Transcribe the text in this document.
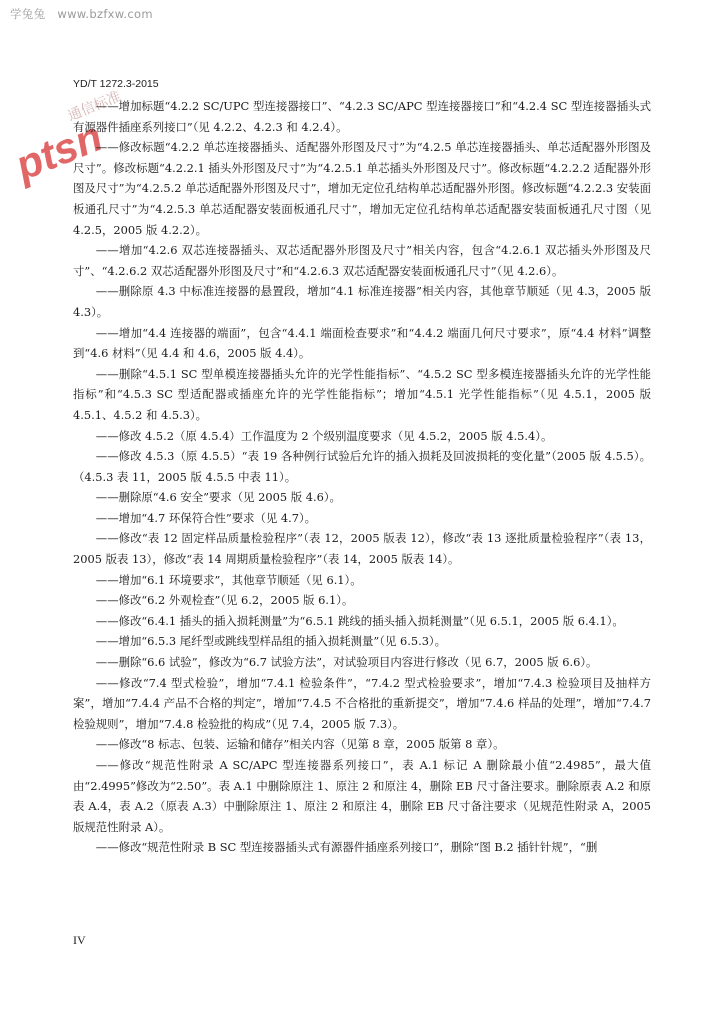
学兔兔 www.bzfxw.com
YD/T 1272.3-2015
ptsn
通信标准

——增加标题“4.2.2 SC/UPC 型连接器接口”、“4.2.3 SC/APC 型连接器接口”和“4.2.4 SC 型连接器插头式有源器件插座系列接口”（见 4.2.2、4.2.3 和 4.2.4）。

——修改标题“4.2.2 单芯连接器插头、适配器外形图及尺寸”为“4.2.5 单芯连接器插头、单芯适配器外形图及尺寸”。修改标题“4.2.2.1 插头外形图及尺寸”为“4.2.5.1 单芯插头外形图及尺寸”。修改标题“4.2.2.2 适配器外形图及尺寸”为“4.2.5.2 单芯适配器外形图及尺寸”，增加无定位孔结构单芯适配器外形图。修改标题“4.2.2.3 安装面板通孔尺寸”为“4.2.5.3 单芯适配器安装面板通孔尺寸”，增加无定位孔结构单芯适配器安装面板通孔尺寸图（见 4.2.5，2005 版 4.2.2）。

——增加“4.2.6 双芯连接器插头、双芯适配器外形图及尺寸”相关内容，包含“4.2.6.1 双芯插头外形图及尺寸”、“4.2.6.2 双芯适配器外形图及尺寸”和“4.2.6.3 双芯适配器安装面板通孔尺寸”（见 4.2.6）。

——删除原 4.3 中标准连接器的悬置段，增加“4.1 标准连接器”相关内容，其他章节顺延（见 4.3，2005 版 4.3）。

——增加“4.4 连接器的端面”，包含“4.4.1 端面检查要求”和“4.4.2 端面几何尺寸要求”，原“4.4 材料”调整到“4.6 材料”（见 4.4 和 4.6，2005 版 4.4）。

——删除“4.5.1 SC 型单模连接器插头允许的光学性能指标”、“4.5.2 SC 型多模连接器插头允许的光学性能指标”和“4.5.3 SC 型适配器或插座允许的光学性能指标”；增加“4.5.1 光学性能指标”（见 4.5.1，2005 版 4.5.1、4.5.2 和 4.5.3）。

——修改 4.5.2（原 4.5.4）工作温度为 2 个级别温度要求（见 4.5.2，2005 版 4.5.4）。

——修改 4.5.3（原 4.5.5）“表 19 各种例行试验后允许的插入损耗及回波损耗的变化量”（2005 版 4.5.5）。（4.5.3 表 11，2005 版 4.5.5 中表 11）。

——删除原“4.6 安全”要求（见 2005 版 4.6）。

——增加“4.7 环保符合性”要求（见 4.7）。

——修改“表 12 固定样品质量检验程序”（表 12，2005 版表 12），修改“表 13 逐批质量检验程序”（表 13，2005 版表 13），修改“表 14 周期质量检验程序”（表 14，2005 版表 14）。

——增加“6.1 环境要求”，其他章节顺延（见 6.1）。

——修改“6.2 外观检查”（见 6.2，2005 版 6.1）。

——修改“6.4.1 插头的插入损耗测量”为“6.5.1 跳线的插头插入损耗测量”（见 6.5.1，2005 版 6.4.1）。

——增加“6.5.3 尾纤型或跳线型样品组的插入损耗测量”（见 6.5.3）。

——删除“6.6 试验”，修改为“6.7 试验方法”，对试验项目内容进行修改（见 6.7，2005 版 6.6）。

——修改“7.4 型式检验”，增加“7.4.1 检验条件”，“7.4.2 型式检验要求”，增加“7.4.3 检验项目及抽样方案”，增加“7.4.4 产品不合格的判定”，增加“7.4.5 不合格批的重新提交”，增加“7.4.6 样品的处理”，增加“7.4.7 检验规则”，增加“7.4.8 检验批的构成”（见 7.4，2005 版 7.3）。

——修改“8 标志、包装、运输和储存”相关内容（见第 8 章，2005 版第 8 章）。

——修改“规范性附录 A SC/APC 型连接器系列接口”，表 A.1 标记 A 删除最小值“2.4985”，最大值由“2.4995”修改为“2.50”。表 A.1 中删除原注 1、原注 2 和原注 4，删除 EB 尺寸备注要求。删除原表 A.2 和原表 A.4，表 A.2（原表 A.3）中删除原注 1、原注 2 和原注 4，删除 EB 尺寸备注要求（见规范性附录 A，2005 版规范性附录 A）。

——修改“规范性附录 B SC 型连接器插头式有源器件插座系列接口”，删除“图 B.2 插针针规”，“删

IV
